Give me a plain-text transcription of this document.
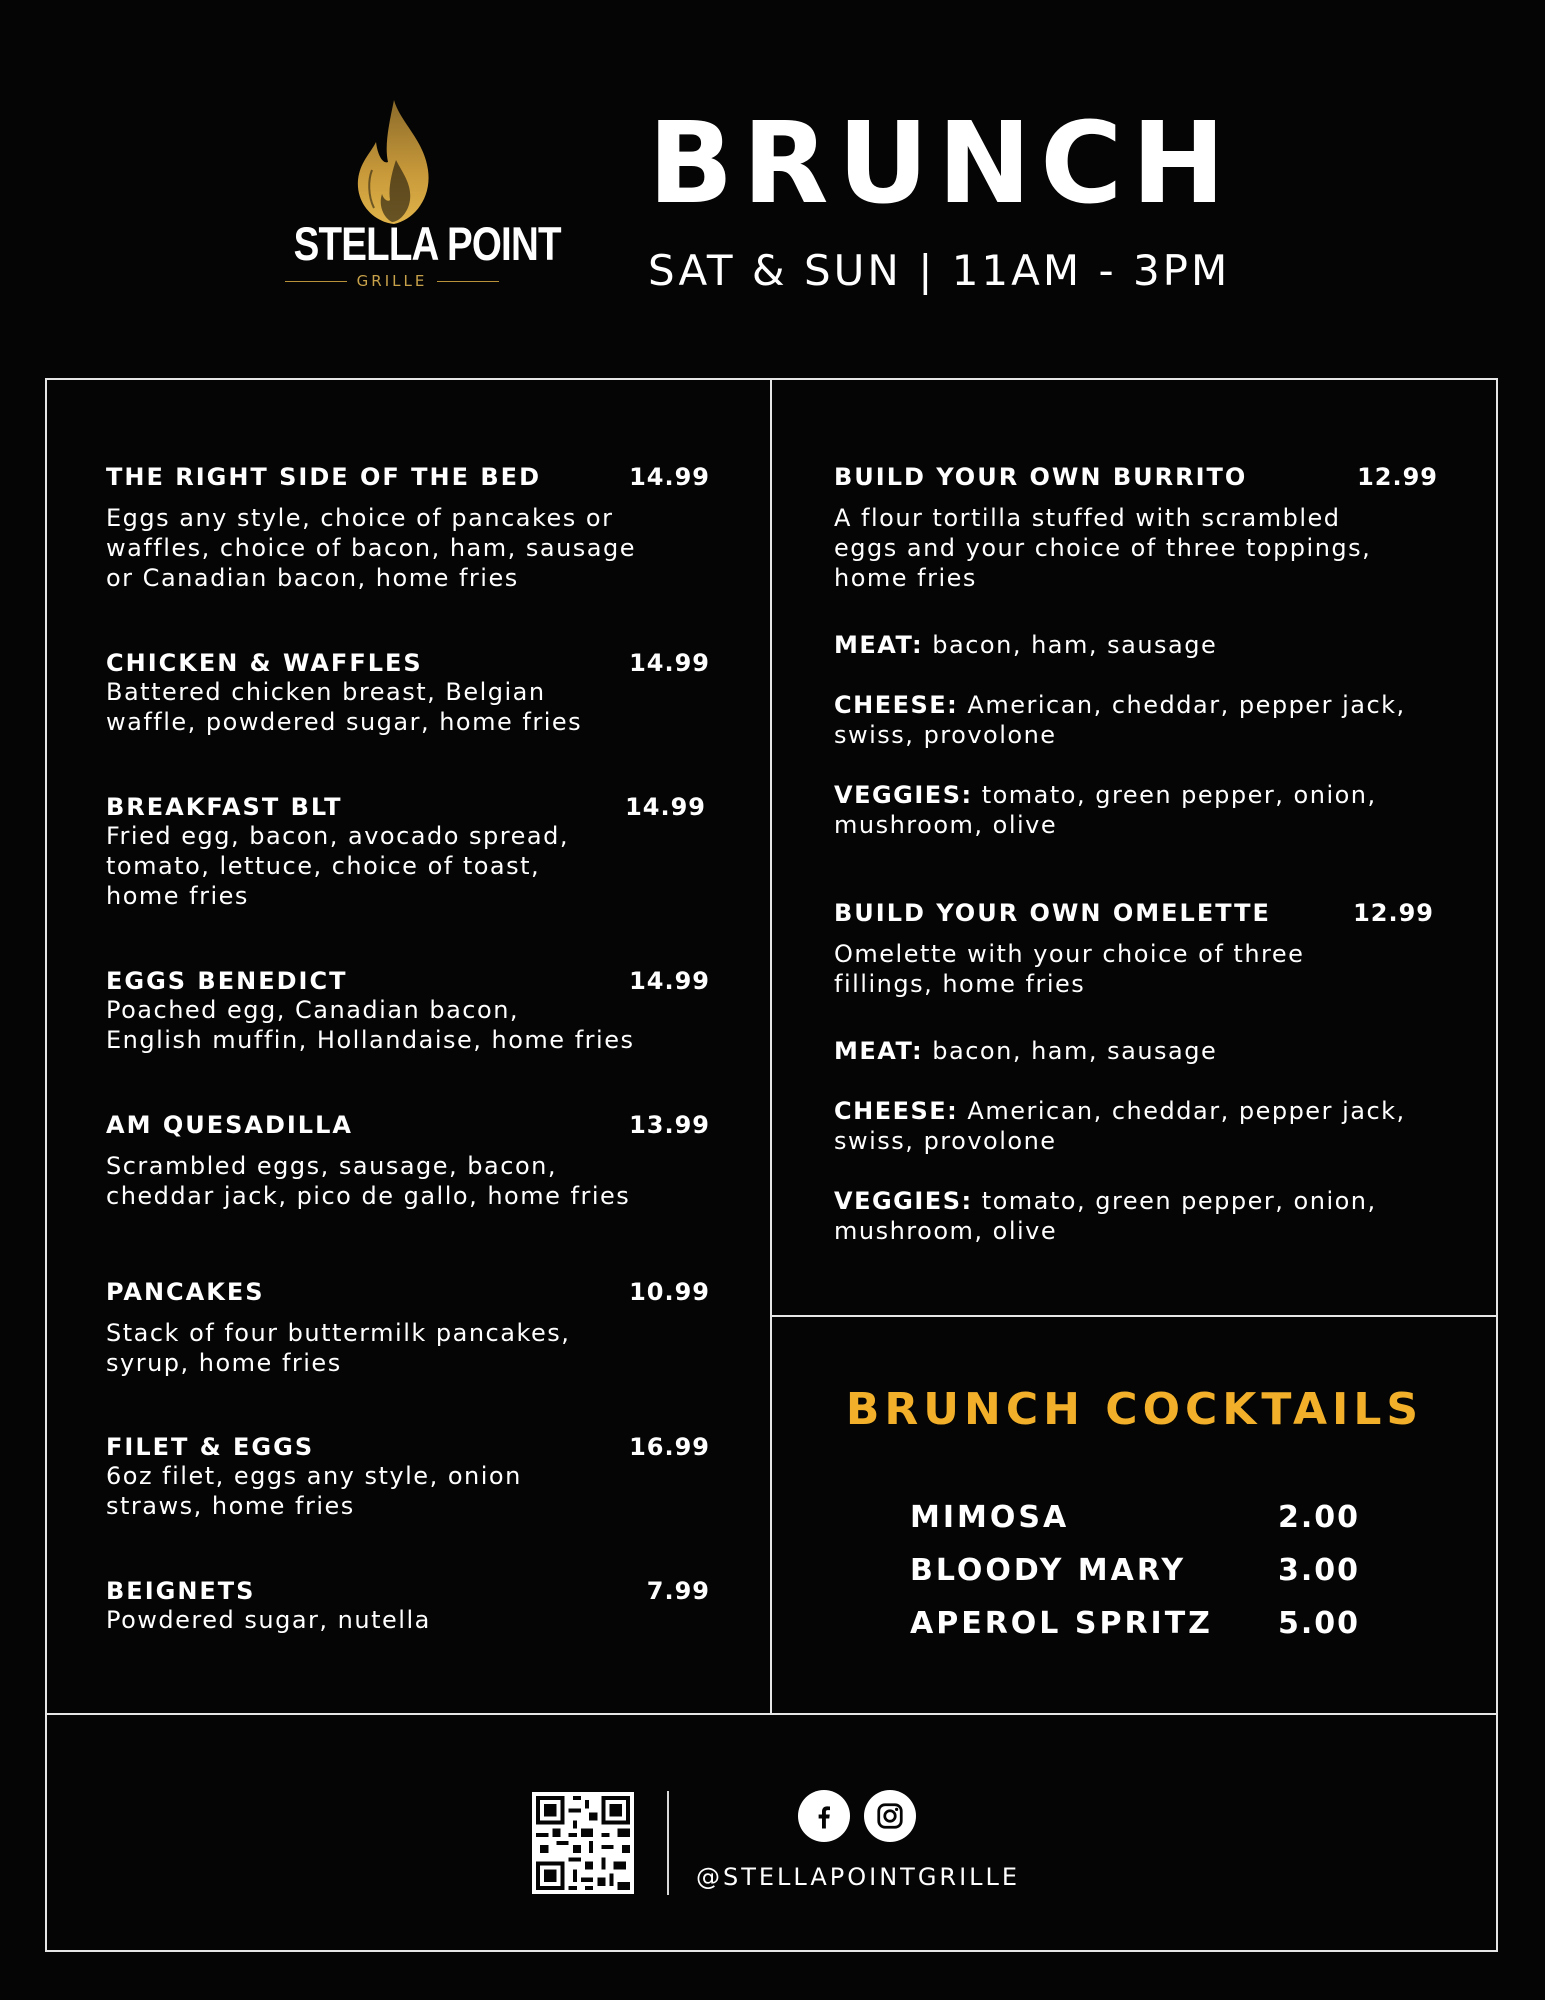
STELLA POINT
GRILLE
BRUNCH
SAT & SUN | 11AM - 3PM
THE RIGHT SIDE OF THE BED	14.99

Eggs any style, choice of pancakes or

waffles, choice of bacon, ham, sausage

or Canadian bacon, home fries

CHICKEN & WAFFLES	14.99

Battered chicken breast, Belgian

waffle, powdered sugar, home fries

BREAKFAST BLT	14.99

Fried egg, bacon, avocado spread,

tomato, lettuce, choice of toast,

home fries

EGGS BENEDICT	14.99

Poached egg, Canadian bacon,

English muffin, Hollandaise, home fries

AM QUESADILLA	13.99

Scrambled eggs, sausage, bacon,

cheddar jack, pico de gallo, home fries

PANCAKES	10.99

Stack of four buttermilk pancakes,

syrup, home fries

FILET & EGGS	16.99

6oz filet, eggs any style, onion

straws, home fries

BEIGNETS	7.99

Powdered sugar, nutella

BUILD YOUR OWN BURRITO	12.99

A flour tortilla stuffed with scrambled

eggs and your choice of three toppings,

home fries

MEAT: bacon, ham, sausage
CHEESE: American, cheddar, pepper jack,
swiss, provolone
VEGGIES: tomato, green pepper, onion,
mushroom, olive
BUILD YOUR OWN OMELETTE	12.99

Omelette with your choice of three

fillings, home fries

MEAT: bacon, ham, sausage
CHEESE: American, cheddar, pepper jack,
swiss, provolone
VEGGIES: tomato, green pepper, onion,
mushroom, olive
BRUNCH COCKTAILS
MIMOSA	2.00
BLOODY MARY	3.00
APEROL SPRITZ 5.00
@STELLAPOINTGRILLE
